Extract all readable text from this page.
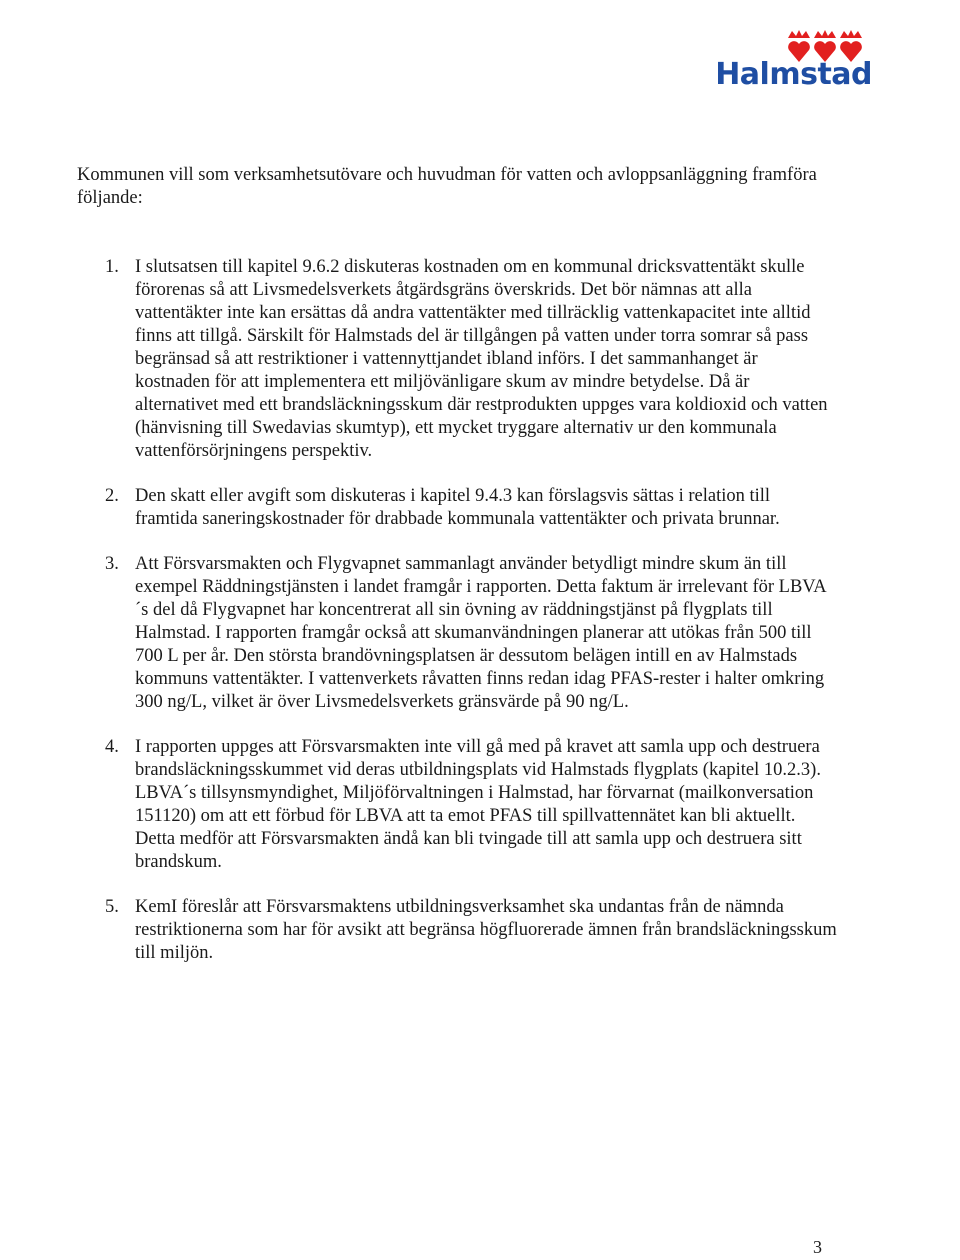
Halmstad

Kommunen vill som verksamhetsutövare och huvudman för vatten och avloppsanläggning framföra följande:

1. I slutsatsen till kapitel 9.6.2 diskuteras kostnaden om en kommunal dricksvattentäkt skulle förorenas så att Livsmedelsverkets åtgärdsgräns överskrids. Det bör nämnas att alla vattentäkter inte kan ersättas då andra vattentäkter med tillräcklig vattenkapacitet inte alltid finns att tillgå. Särskilt för Halmstads del är tillgången på vatten under torra somrar så pass begränsad så att restriktioner i vattennyttjandet ibland införs. I det sammanhanget är kostnaden för att implementera ett miljövänligare skum av mindre betydelse. Då är alternativet med ett brandsläckningsskum där restprodukten uppges vara koldioxid och vatten (hänvisning till Swedavias skumtyp), ett mycket tryggare alternativ ur den kommunala vattenförsörjningens perspektiv.

2. Den skatt eller avgift som diskuteras i kapitel 9.4.3 kan förslagsvis sättas i relation till framtida saneringskostnader för drabbade kommunala vattentäkter och privata brunnar.

3. Att Försvarsmakten och Flygvapnet sammanlagt använder betydligt mindre skum än till exempel Räddningstjänsten i landet framgår i rapporten. Detta faktum är irrelevant för LBVA´s del då Flygvapnet har koncentrerat all sin övning av räddningstjänst på flygplats till Halmstad. I rapporten framgår också att skumanvändningen planerar att utökas från 500 till 700 L per år. Den största brandövningsplatsen är dessutom belägen intill en av Halmstads kommuns vattentäkter. I vattenverkets råvatten finns redan idag PFAS-rester i halter omkring 300 ng/L, vilket är över Livsmedelsverkets gränsvärde på 90 ng/L.

4. I rapporten uppges att Försvarsmakten inte vill gå med på kravet att samla upp och destruera brandsläckningsskummet vid deras utbildningsplats vid Halmstads flygplats (kapitel 10.2.3). LBVA´s tillsynsmyndighet, Miljöförvaltningen i Halmstad, har förvarnat (mailkonversation 151120) om att ett förbud för LBVA att ta emot PFAS till spillvattennätet kan bli aktuellt. Detta medför att Försvarsmakten ändå kan bli tvingade till att samla upp och destruera sitt brandskum.

5. KemI föreslår att Försvarsmaktens utbildningsverksamhet ska undantas från de nämnda restriktionerna som har för avsikt att begränsa högfluorerade ämnen från brandsläckningsskum till miljön.

3
